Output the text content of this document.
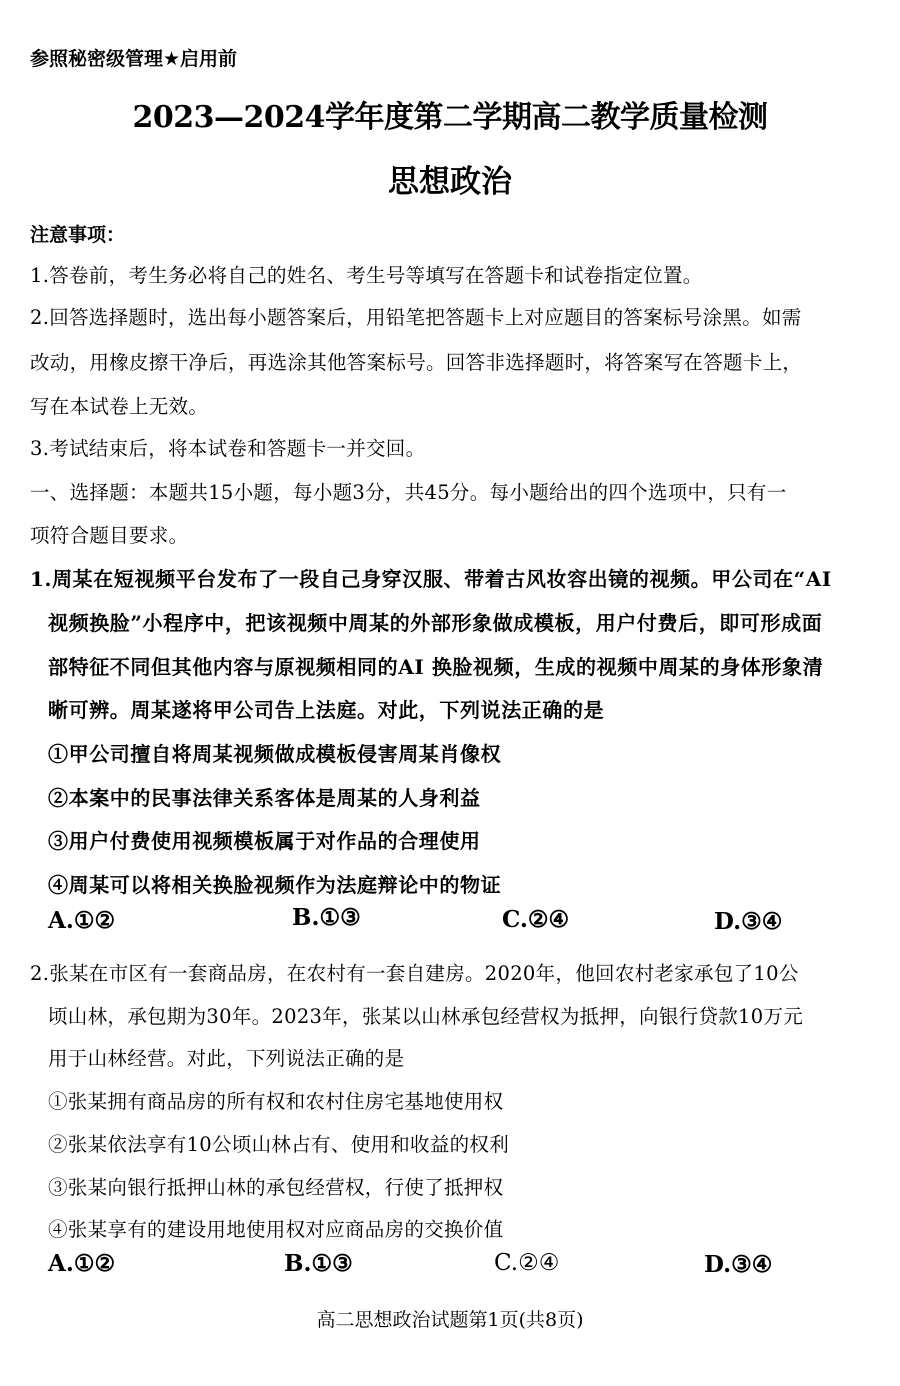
参照秘密级管理★启用前
2023—2024学年度第二学期高二教学质量检测
思想政治
注意事项：
1.答卷前，考生务必将自己的姓名、考生号等填写在答题卡和试卷指定位置。
2.回答选择题时，选出每小题答案后，用铅笔把答题卡上对应题目的答案标号涂黑。如需
改动，用橡皮擦干净后，再选涂其他答案标号。回答非选择题时，将答案写在答题卡上，
写在本试卷上无效。
3.考试结束后，将本试卷和答题卡一并交回。
一、选择题：本题共15小题，每小题3分，共45分。每小题给出的四个选项中，只有一
项符合题目要求。
1.周某在短视频平台发布了一段自己身穿汉服、带着古风妆容出镜的视频。甲公司在“AI
视频换脸”小程序中，把该视频中周某的外部形象做成模板，用户付费后，即可形成面
部特征不同但其他内容与原视频相同的AI 换脸视频，生成的视频中周某的身体形象清
晰可辨。周某遂将甲公司告上法庭。对此，下列说法正确的是
①甲公司擅自将周某视频做成模板侵害周某肖像权
②本案中的民事法律关系客体是周某的人身利益
③用户付费使用视频模板属于对作品的合理使用
④周某可以将相关换脸视频作为法庭辩论中的物证
A.①②	B.①③	C.②④	D.③④
2.张某在市区有一套商品房，在农村有一套自建房。2020年，他回农村老家承包了10公
顷山林，承包期为30年。2023年，张某以山林承包经营权为抵押，向银行贷款10万元
用于山林经营。对此，下列说法正确的是
①张某拥有商品房的所有权和农村住房宅基地使用权
②张某依法享有10公顷山林占有、使用和收益的权利
③张某向银行抵押山林的承包经营权，行使了抵押权
④张某享有的建设用地使用权对应商品房的交换价值
A.①②	B.①③	C.②④	D.③④
高二思想政治试题第1页(共8页)
